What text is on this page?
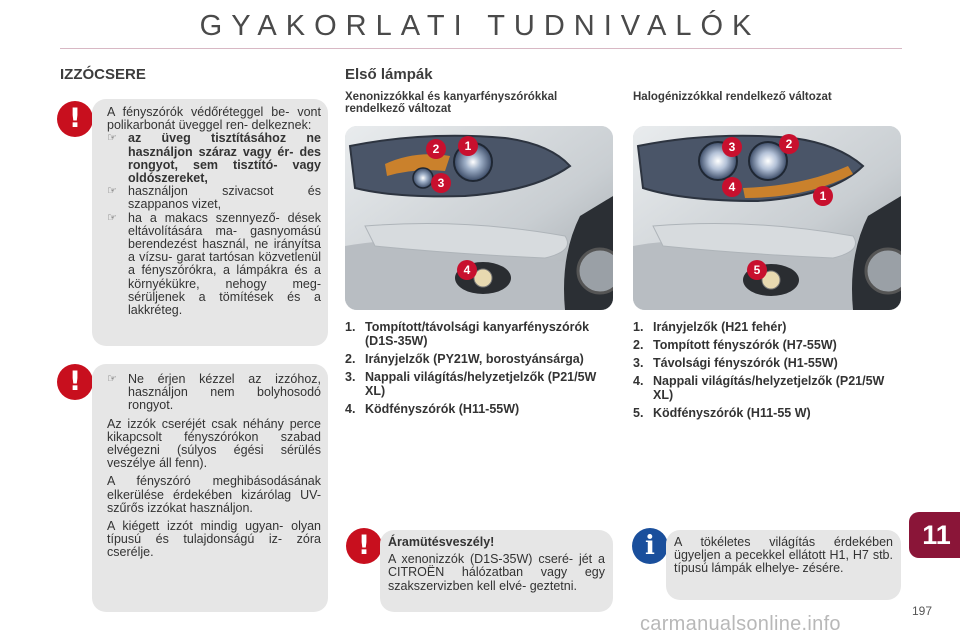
GYAKORLATI TUDNIVALÓK
IZZÓCSERE	Első lámpák
!	A fényszórók védőréteggel be- vont polikarbonát üveggel ren- delkeznek:

☞ az üveg tisztításához ne használjon száraz vagy ér- des rongyot, sem tisztító- vagy oldószereket,
☞ használjon szivacsot és szappanos vizet,
☞ ha a makacs szennyező- dések eltávolítására ma- gasnyomású berendezést használ, ne irányítsa a vízsu- garat tartósan közvetlenül a fényszórókra, a lámpákra és a környékükre, nehogy meg- sérüljenek a tömítések és a lakkréteg.
!	☞ Ne érjen kézzel az izzóhoz, használjon nem bolyhosodó rongyot.

Az izzók cseréjét csak néhány perce kikapcsolt fényszórókon szabad elvégezni (súlyos égési sérülés veszélye áll fenn).

A fényszóró meghibásodásának elkerülése érdekében kizárólag UV-szűrős izzókat használjon.

A kiégett izzót mindig ugyan- olyan típusú és tulajdonságú iz- zóra cserélje.

Xenonizzókkal és kanyarfényszórókkal rendelkező változat
Halogénizzókkal rendelkező változat
1
2
3
4
1
2
3
4
5
1. Tompított/távolsági kanyarfényszórók (D1S-35W)
2. Irányjelzők (PY21W, borostyánsárga)
3. Nappali világítás/helyzetjelzők (P21/5W XL)
4. Ködfényszórók (H11-55W)
1. Irányjelzők (H21 fehér)
2. Tompított fényszórók (H7-55W)
3. Távolsági fényszórók (H1-55W)
4. Nappali világítás/helyzetjelzők (P21/5W XL)
5. Ködfényszórók (H11-55 W)
!	Áramütésveszély!

A xenonizzók (D1S-35W) cseré- jét a CITROËN hálózatban vagy egy szakszervizben kell elvé- geztetni.

i	A tökéletes világítás érdekében ügyeljen a pecekkel ellátott H1, H7 stb. típusú lámpák elhelye- zésére.

11
197
carmanualsonline.info
